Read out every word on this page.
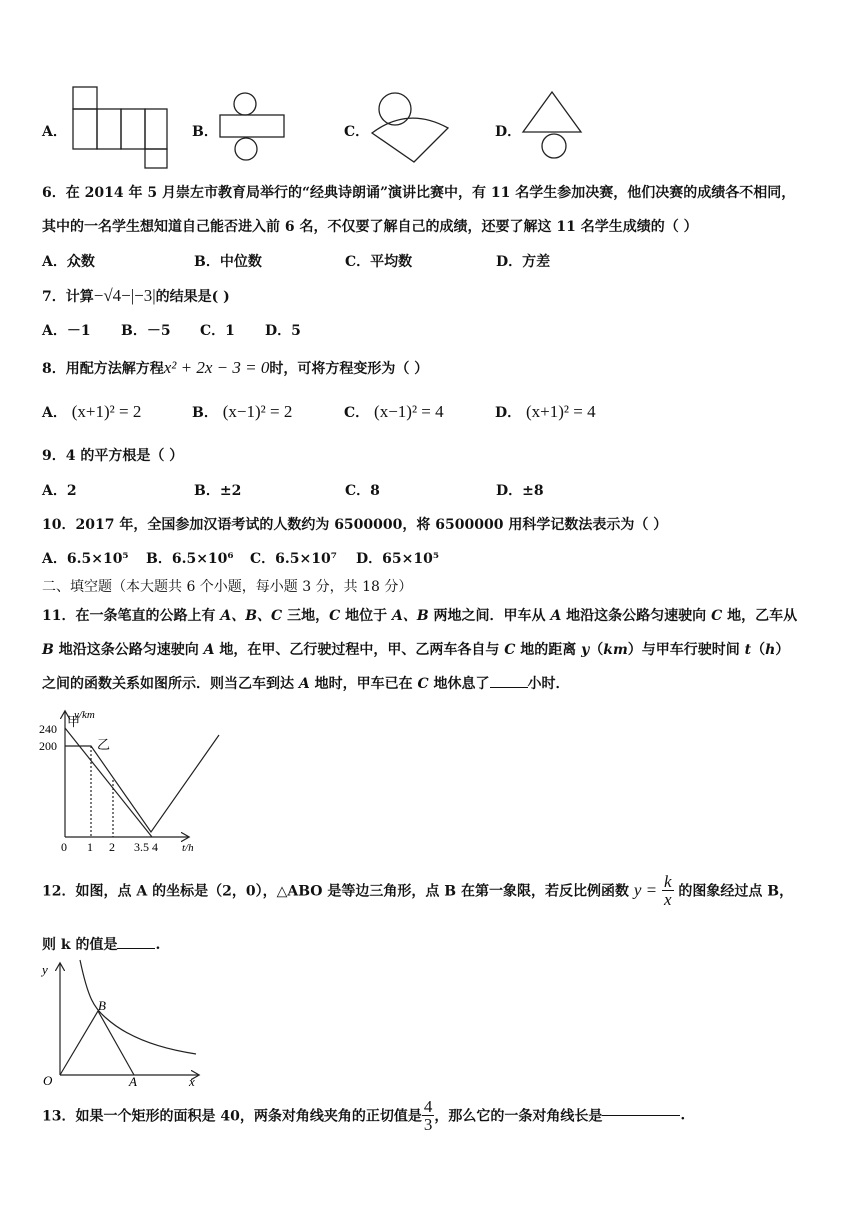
A．	B．	C．	D．
6．在 2014 年 5 月崇左市教育局举行的“经典诗朗诵”演讲比赛中，有 11 名学生参加决赛，他们决赛的成绩各不相同，
其中的一名学生想知道自己能否进入前 6 名，不仅要了解自己的成绩，还要了解这 11 名学生成绩的（ ）
A．众数	B．中位数	C．平均数	D．方差
7．计算−√4−|−3|的结果是( )
A．－1 B．－5 C．1 D．5
8．用配方法解方程x² + 2x − 3 = 0时，可将方程变形为（ ）
A． (x+1)² = 2	B． (x−1)² = 2	C． (x−1)² = 4	D． (x+1)² = 4
9．4 的平方根是（ ）
A．2	B．±2	C．8	D．±8
10．2017 年，全国参加汉语考试的人数约为 6500000，将 6500000 用科学记数法表示为（ ）
A．6.5×10⁵ B．6.5×10⁶ C．6.5×10⁷ D．65×10⁵
二、填空题（本大题共 6 个小题，每小题 3 分，共 18 分）
11．在一条笔直的公路上有 A、B、C 三地，C 地位于 A、B 两地之间．甲车从 A 地沿这条公路匀速驶向 C 地，乙车从
B 地沿这条公路匀速驶向 A 地，在甲、乙行驶过程中，甲、乙两车各自与 C 地的距离 y（km）与甲车行驶时间 t（h）
之间的函数关系如图所示．则当乙车到达 A 地时，甲车已在 C 地休息了	小时．
y/km
240
200
甲
乙
0 1 2 3.5 4 t/h
12．如图，点 A 的坐标是（2，0），△ABO 是等边三角形，点 B 在第一象限，若反比例函数 $y = \frac{k}{x}$ 的图象经过点 B，
则 k 的值是	.
y
O	A
B
x
13．如果一个矩形的面积是 40，两条对角线夹角的正切值是 $\frac{4}{3}$ ，那么它的一条对角线长是	.
